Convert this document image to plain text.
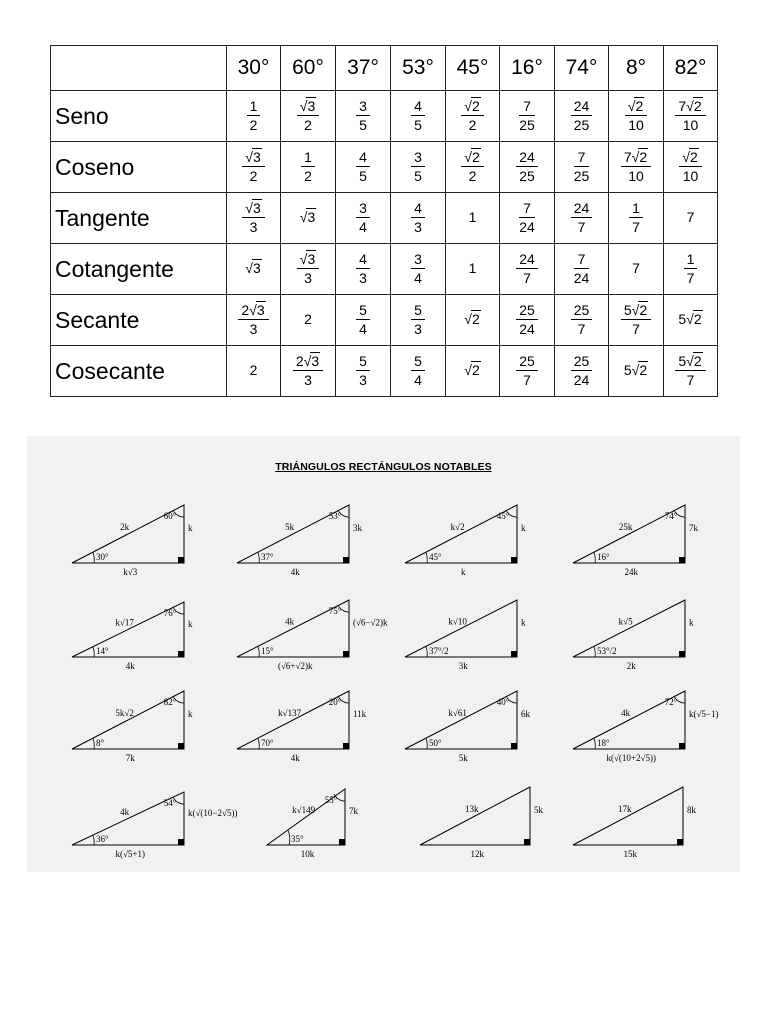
	30°	60°	37°	53°	45°	16°	74°	8°	82°
Seno	$\frac{1}{2}$	$\frac{√3}{2}$	$\frac{3}{5}$	$\frac{4}{5}$	$\frac{√2}{2}$	$\frac{7}{25}$	$\frac{24}{25}$	$\frac{√2}{10}$	$\frac{7√2}{10}$

Coseno	$\frac{√3}{2}$	$\frac{1}{2}$	$\frac{4}{5}$	$\frac{3}{5}$	$\frac{√2}{2}$	$\frac{24}{25}$	$\frac{7}{25}$	$\frac{7√2}{10}$	$\frac{√2}{10}$

Tangente	$\frac{√3}{3}$	√3	$\frac{3}{4}$	$\frac{4}{3}$	1	$\frac{7}{24}$	$\frac{24}{7}$	$\frac{1}{7}$	7
Cotangente	√3	$\frac{√3}{3}$	$\frac{4}{3}$	$\frac{3}{4}$	1	$\frac{24}{7}$	$\frac{7}{24}$	7	$\frac{1}{7}$

Secante	$\frac{2√3}{3}$	2	$\frac{5}{4}$	$\frac{5}{3}$	√2	$\frac{25}{24}$	$\frac{25}{7}$	$\frac{5√2}{7}$	5√2
Cosecante	2	$\frac{2√3}{3}$	$\frac{5}{3}$	$\frac{5}{4}$	√2	$\frac{25}{7}$	$\frac{25}{24}$	5√2	$\frac{5√2}{7}$
TRIÁNGULOS RECTÁNGULOS NOTABLES
2k
60°
k
k√3
30°
5k
53°
3k
4k
37°
k√2
45°
k
k
45°
25k
74°
7k
24k
16°
k√17
76°
k
4k
14°
4k
75°
(√6−√2)k
(√6+√2)k
15°
k√10	k
3k
37°/2
k√5	k
2k
53°/2
5k√2
82°
k
7k
8°
k√137
20°
11k
4k
70°
k√61
40°
6k
5k
50°
4k
72°
k(√5−1)
k(√(10+2√5))
18°
4k
54°
k(√(10−2√5))
k(√5+1)
36°
k√149
55°
7k
10k
35°
13k	5k
12k
17k	8k
15k
